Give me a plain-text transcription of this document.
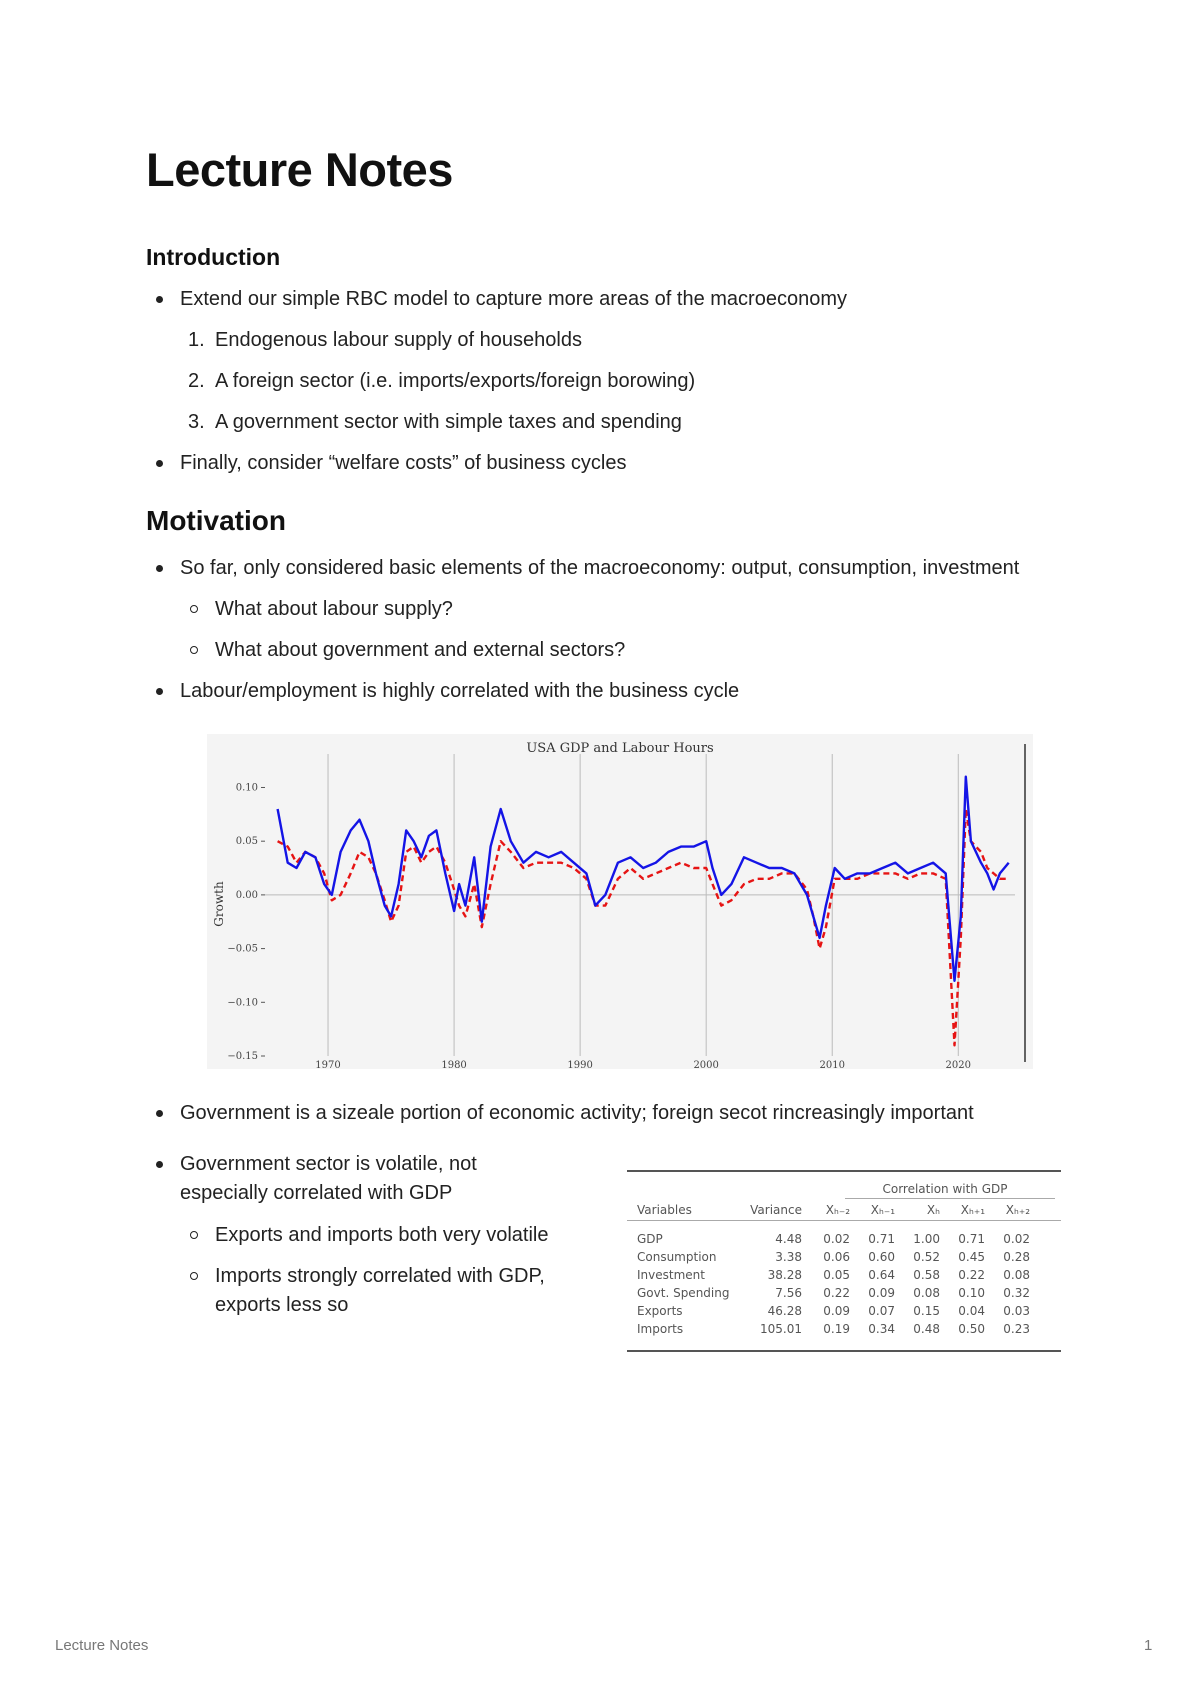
Lecture Notes
Introduction
Extend our simple RBC model to capture more areas of the macroeconomy
1. Endogenous labour supply of households
2. A foreign sector (i.e. imports/exports/foreign borowing)
3. A government sector with simple taxes and spending
Finally, consider “welfare costs” of business cycles
Motivation
So far, only considered basic elements of the macroeconomy: output, consumption, investment
What about labour supply?
What about government and external sectors?
Labour/employment is highly correlated with the business cycle
USA GDP and Labour Hours
Growth
1970	1980	1990	2000	2010	2020
0.10
0.05
0.00
−0.05
−0.10
−0.15
Government is a sizeale portion of economic activity; foreign secot rincreasingly important
Government sector is volatile, not
especially correlated with GDP
Exports and imports both very volatile
Imports strongly correlated with GDP,
exports less so
Correlation with GDP
Variables	Variance	Xₕ₋₂	Xₕ₋₁	Xₕ	Xₕ₊₁	Xₕ₊₂
GDP	4.48	0.02	0.71	1.00	0.71	0.02
Consumption	3.38	0.06	0.60	0.52	0.45	0.28
Investment	38.28	0.05	0.64	0.58	0.22	0.08
Govt. Spending	7.56	0.22	0.09	0.08	0.10	0.32
Exports	46.28	0.09	0.07	0.15	0.04	0.03
Imports	105.01	0.19	0.34	0.48	0.50	0.23
Lecture Notes	1
